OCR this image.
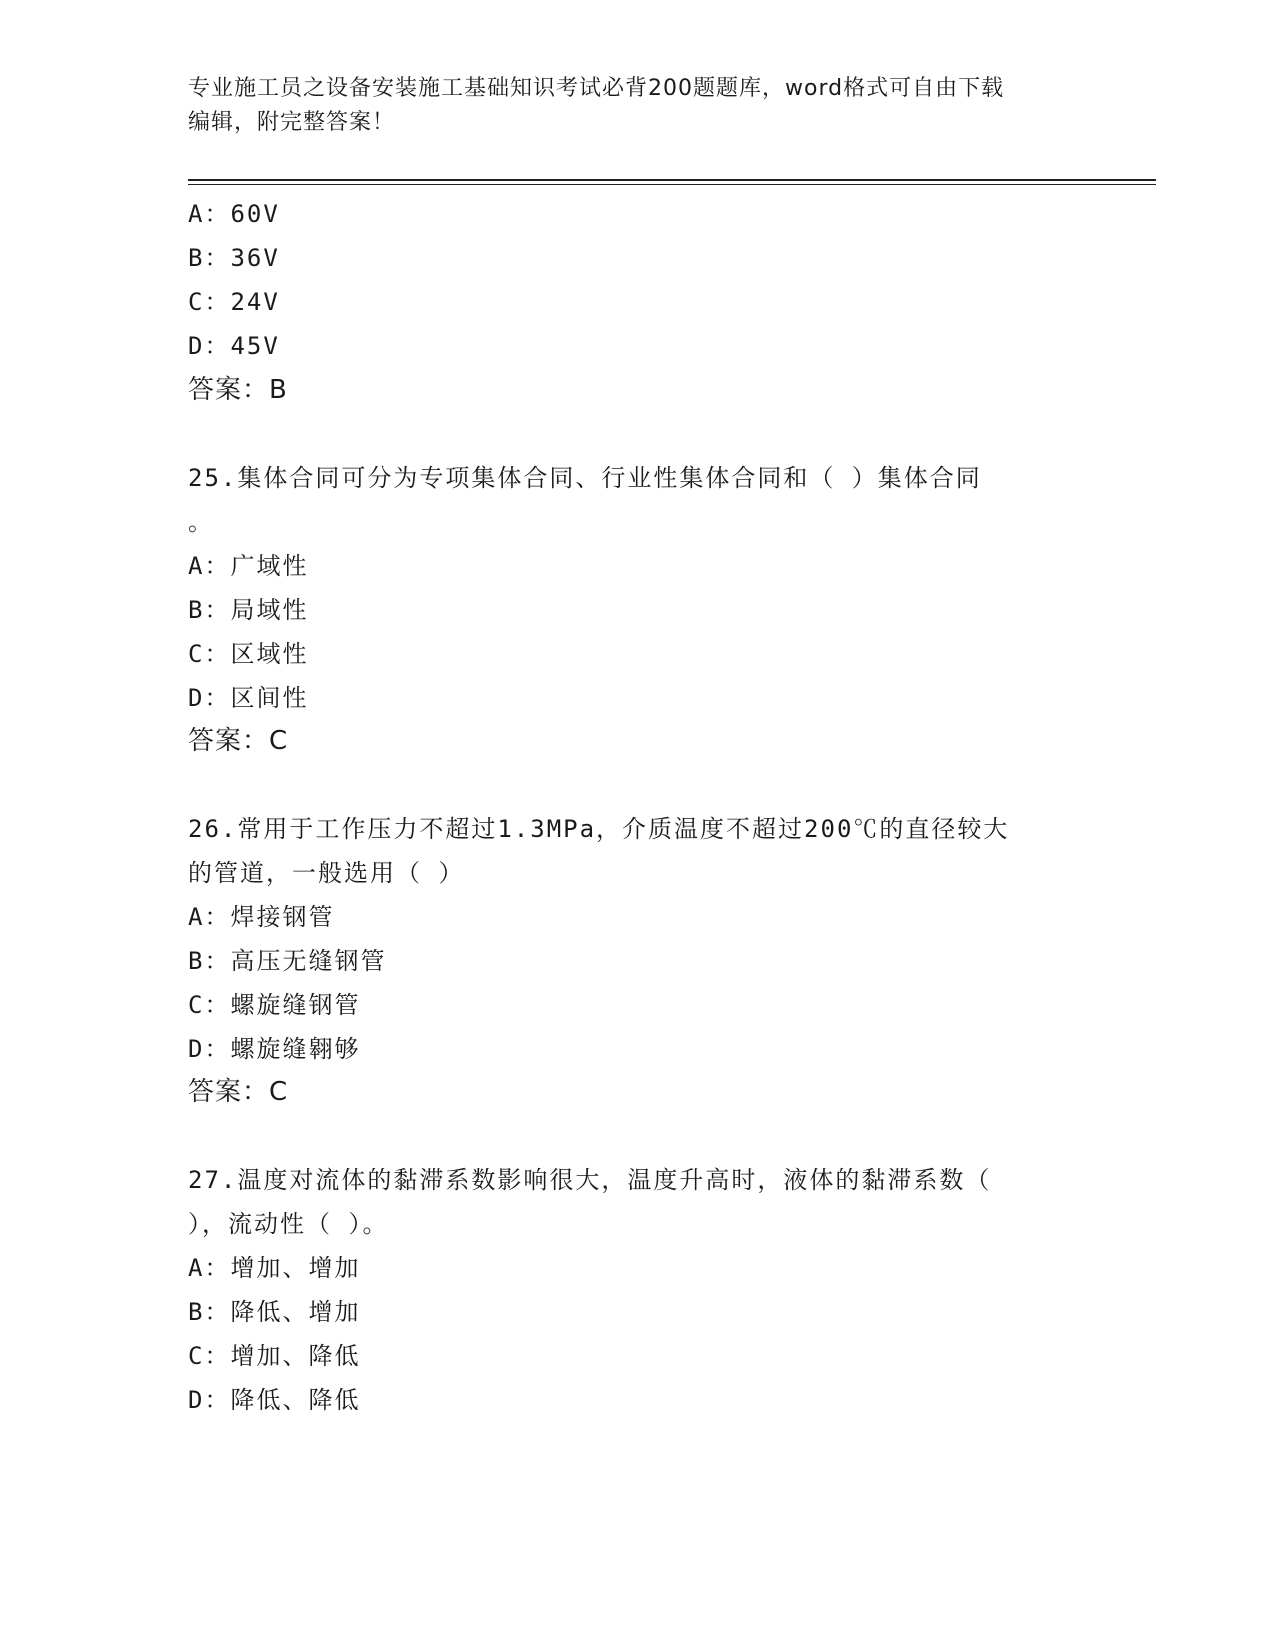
专业施工员之设备安装施工基础知识考试必背200题题库，word格式可自由下载
编辑，附完整答案！
A：60V
B：36V
C：24V
D：45V
答案：B
25.集体合同可分为专项集体合同、行业性集体合同和（ ）集体合同
。
A：广域性
B：局域性
C：区域性
D：区间性
答案：C
26.常用于工作压力不超过1.3MPa，介质温度不超过200℃的直径较大
的管道，一般选用（ ）
A：焊接钢管
B：高压无缝钢管
C：螺旋缝钢管
D：螺旋缝翱够
答案：C
27.温度对流体的黏滞系数影响很大，温度升高时，液体的黏滞系数（
），流动性（ ）。
A：增加、增加
B：降低、增加
C：增加、降低
D：降低、降低
